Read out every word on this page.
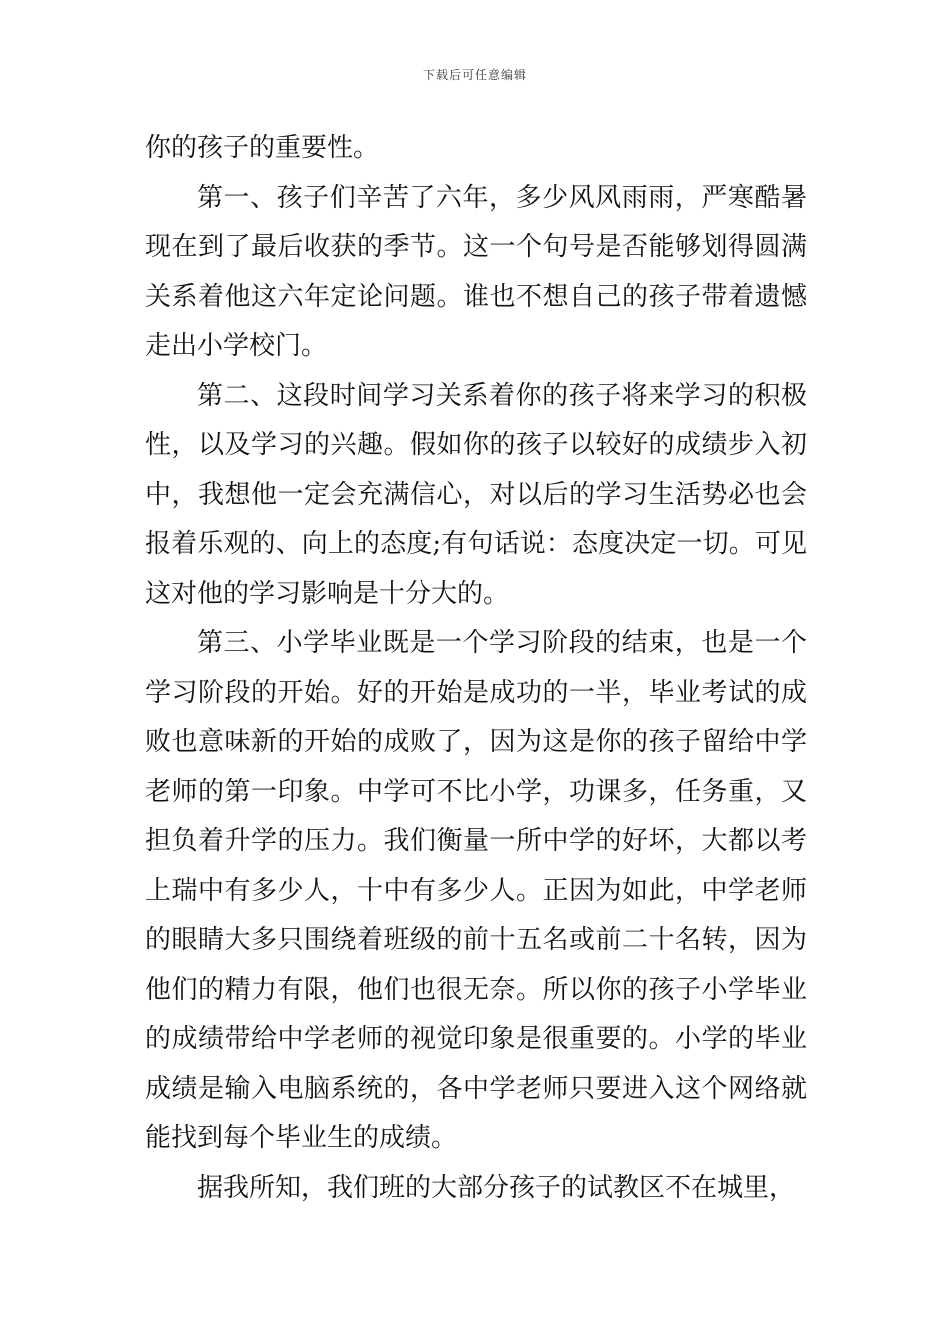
下载后可任意编辑

你的孩子的重要性。

第一、孩子们辛苦了六年，多少风风雨雨，严寒酷暑现在到了最后收获的季节。这一个句号是否能够划得圆满关系着他这六年定论问题。谁也不想自己的孩子带着遗憾走出小学校门。

第二、这段时间学习关系着你的孩子将来学习的积极性，以及学习的兴趣。假如你的孩子以较好的成绩步入初中，我想他一定会充满信心，对以后的学习生活势必也会报着乐观的、向上的态度;有句话说：态度决定一切。可见这对他的学习影响是十分大的。

第三、小学毕业既是一个学习阶段的结束，也是一个学习阶段的开始。好的开始是成功的一半，毕业考试的成败也意味新的开始的成败了，因为这是你的孩子留给中学老师的第一印象。中学可不比小学，功课多，任务重，又担负着升学的压力。我们衡量一所中学的好坏，大都以考上瑞中有多少人，十中有多少人。正因为如此，中学老师的眼睛大多只围绕着班级的前十五名或前二十名转，因为他们的精力有限，他们也很无奈。所以你的孩子小学毕业的成绩带给中学老师的视觉印象是很重要的。小学的毕业成绩是输入电脑系统的，各中学老师只要进入这个网络就能找到每个毕业生的成绩。

据我所知，我们班的大部分孩子的试教区不在城里，
